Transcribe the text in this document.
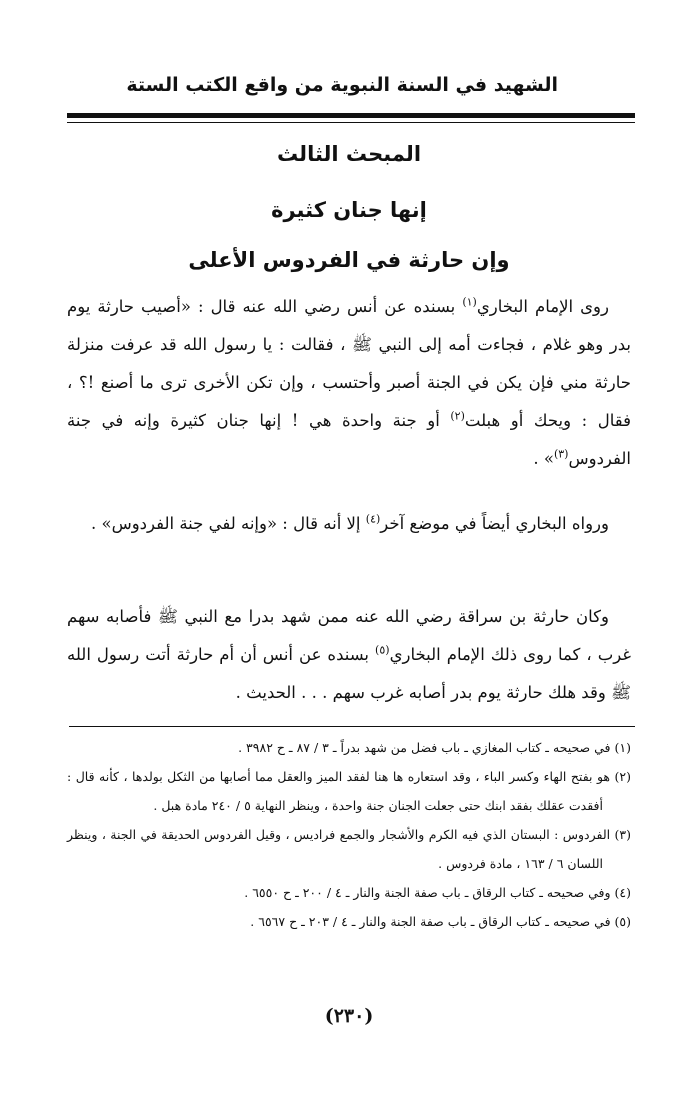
الشهيد في السنة النبوية من واقع الكتب الستة
المبحث الثالث
إنها جنان كثيرة
وإن حارثة في الفردوس الأعلى
روى الإمام البخاري$^{(١)}$ بسنده عن أنس رضي الله عنه قال : «أصيب حارثة يوم بدر وهو غلام ، فجاءت أمه إلى النبي ﷺ ، فقالت : يا رسول الله قد عرفت منزلة حارثة مني فإن يكن في الجنة أصبر وأحتسب ، وإن تكن الأخرى ترى ما أصنع !؟ ، فقال : ويحك أو هبلت$^{(٢)}$ أو جنة واحدة هي ! إنها جنان كثيرة وإنه في جنة الفردوس$^{(٣)}$» .
ورواه البخاري أيضاً في موضع آخر$^{(٤)}$ إلا أنه قال : «وإنه لفي جنة الفردوس» .
وكان حارثة بن سراقة رضي الله عنه ممن شهد بدرا مع النبي ﷺ فأصابه سهم غرب ، كما روى ذلك الإمام البخاري$^{(٥)}$ بسنده عن أنس أن أم حارثة أتت رسول الله ﷺ وقد هلك حارثة يوم بدر أصابه غرب سهم . . . الحديث .
(١) في صحيحه ـ كتاب المغازي ـ باب فضل من شهد بدراً ـ ٣ / ٨٧ ـ ح ٣٩٨٢ .
(٢) هو بفتح الهاء وكسر الباء ، وقد استعاره ها هنا لفقد الميز والعقل مما أصابها من الثكل بولدها ، كأنه قال : أفقدت عقلك بفقد ابنك حتى جعلت الجنان جنة واحدة ، وينظر النهاية ٥ / ٢٤٠ مادة هبل .
(٣) الفردوس : البستان الذي فيه الكرم والأشجار والجمع فراديس ، وقيل الفردوس الحديقة في الجنة ، وينظر اللسان ٦ / ١٦٣ ، مادة فردوس .
(٤) وفي صحيحه ـ كتاب الرقاق ـ باب صفة الجنة والنار ـ ٤ / ٢٠٠ ـ ح ٦٥٥٠ .
(٥) في صحيحه ـ كتاب الرقاق ـ باب صفة الجنة والنار ـ ٤ / ٢٠٣ ـ ح ٦٥٦٧ .
(٢٣٠)
